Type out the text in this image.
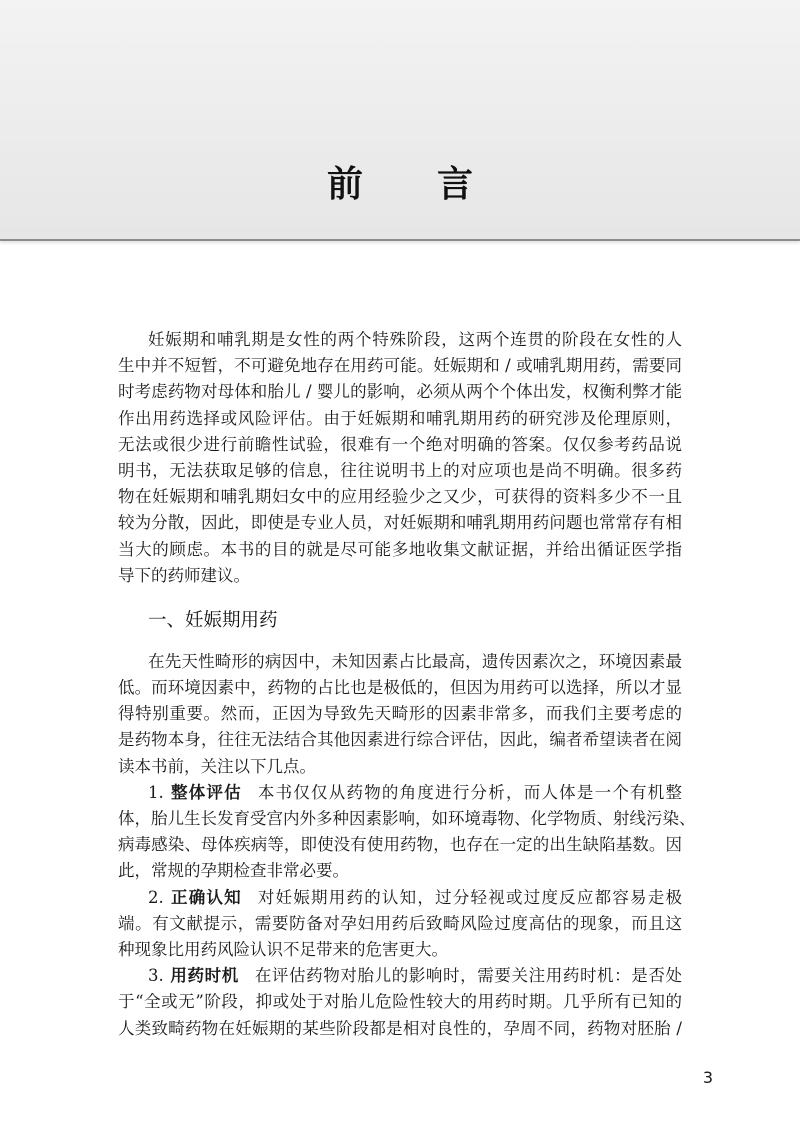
前言
妊娠期和哺乳期是女性的两个特殊阶段，这两个连贯的阶段在女性的人
生中并不短暂，不可避免地存在用药可能。妊娠期和 / 或哺乳期用药，需要同
时考虑药物对母体和胎儿 / 婴儿的影响，必须从两个个体出发，权衡利弊才能
作出用药选择或风险评估。由于妊娠期和哺乳期用药的研究涉及伦理原则，
无法或很少进行前瞻性试验，很难有一个绝对明确的答案。仅仅参考药品说
明书，无法获取足够的信息，往往说明书上的对应项也是尚不明确。很多药
物在妊娠期和哺乳期妇女中的应用经验少之又少，可获得的资料多少不一且
较为分散，因此，即使是专业人员，对妊娠期和哺乳期用药问题也常常存有相
当大的顾虑。本书的目的就是尽可能多地收集文献证据，并给出循证医学指
导下的药师建议。
一、妊娠期用药
在先天性畸形的病因中，未知因素占比最高，遗传因素次之，环境因素最
低。而环境因素中，药物的占比也是极低的，但因为用药可以选择，所以才显
得特别重要。然而，正因为导致先天畸形的因素非常多，而我们主要考虑的
是药物本身，往往无法结合其他因素进行综合评估，因此，编者希望读者在阅
读本书前，关注以下几点。
1. 整体评估 本书仅仅从药物的角度进行分析，而人体是一个有机整
体，胎儿生长发育受宫内外多种因素影响，如环境毒物、化学物质、射线污染、
病毒感染、母体疾病等，即使没有使用药物，也存在一定的出生缺陷基数。因
此，常规的孕期检查非常必要。
2. 正确认知 对妊娠期用药的认知，过分轻视或过度反应都容易走极
端。有文献提示，需要防备对孕妇用药后致畸风险过度高估的现象，而且这
种现象比用药风险认识不足带来的危害更大。
3. 用药时机 在评估药物对胎儿的影响时，需要关注用药时机：是否处
于“全或无”阶段，抑或处于对胎儿危险性较大的用药时期。几乎所有已知的
人类致畸药物在妊娠期的某些阶段都是相对良性的，孕周不同，药物对胚胎 /
3
